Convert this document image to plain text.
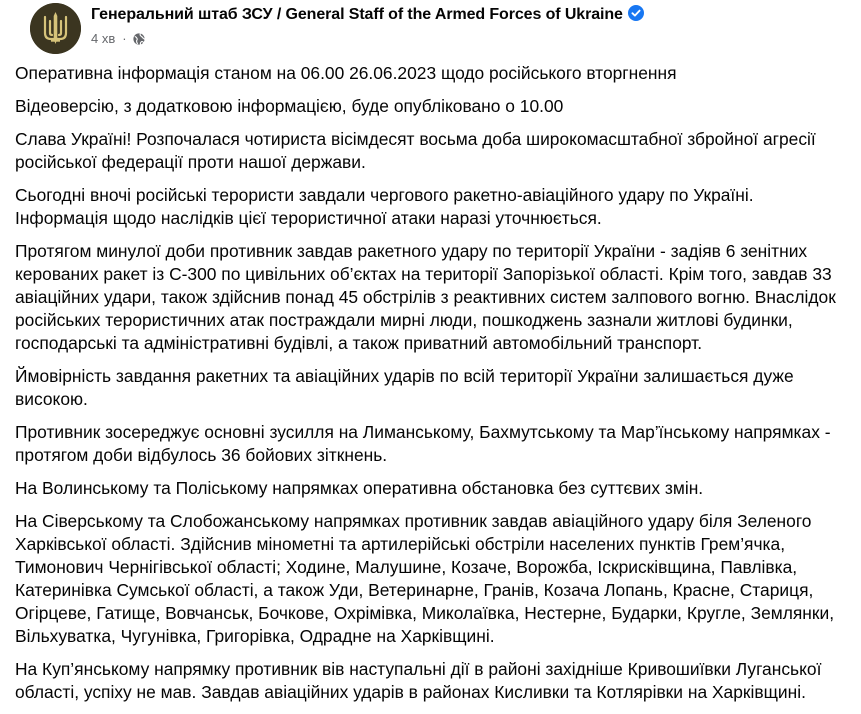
Генеральний штаб ЗСУ / General Staff of the Armed Forces of Ukraine
4 хв ·

Оперативна інформація станом на 06.00 26.06.2023 щодо російського вторгнення

Відеоверсію, з додатковою інформацією, буде опубліковано о 10.00

Слава Україні! Розпочалася чотириста вісімдесят восьма доба широкомасштабної збройної агресії російської федерації проти нашої держави.

Сьогодні вночі російські терористи завдали чергового ракетно-авіаційного удару по Україні. Інформація щодо наслідків цієї терористичної атаки наразі уточнюється.

Протягом минулої доби противник завдав ракетного удару по території України - задіяв 6 зенітних керованих ракет із С-300 по цивільних об’єктах на території Запорізької області. Крім того, завдав 33 авіаційних удари, також здійснив понад 45 обстрілів з реактивних систем залпового вогню. Внаслідок російських терористичних атак постраждали мирні люди, пошкоджень зазнали житлові будинки, господарські та адміністративні будівлі, а також приватний автомобільний транспорт.

Ймовірність завдання ракетних та авіаційних ударів по всій території України залишається дуже високою.

Противник зосереджує основні зусилля на Лиманському, Бахмутському та Мар’їнському напрямках - протягом доби відбулось 36 бойових зіткнень.

На Волинському та Поліському напрямках оперативна обстановка без суттєвих змін.

На Сіверському та Слобожанському напрямках противник завдав авіаційного удару біля Зеленого Харківської області. Здійснив мінометні та артилерійські обстріли населених пунктів Грем’ячка, Тимонович Чернігівської області; Ходине, Малушине, Козаче, Ворожба, Іскрисківщина, Павлівка, Катеринівка Сумської області, а також Уди, Ветеринарне, Гранів, Козача Лопань, Красне, Стариця, Огірцеве, Гатище, Вовчанськ, Бочкове, Охрімівка, Миколаївка, Нестерне, Бударки, Кругле, Землянки, Вільхуватка, Чугунівка, Григорівка, Одрадне на Харківщині.

На Куп’янському напрямку противник вів наступальні дії в районі західніше Кривошиївки Луганської області, успіху не мав. Завдав авіаційних ударів в районах Кисливки та Котлярівки на Харківщині.
